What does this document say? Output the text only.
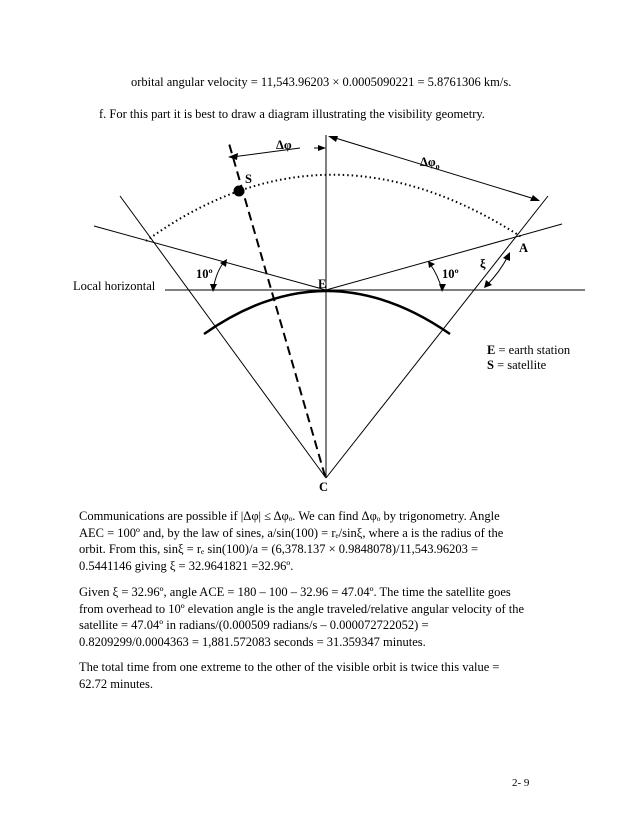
orbital angular velocity = 11,543.96203 × 0.0005090221 = 5.8761306 km/s.
f. For this part it is best to draw a diagram illustrating the visibility geometry.
Δφ
$\Delta\varphi_o$
S
A
ξ
E
C
10º	10º
Local horizontal
E = earth station
S = satellite
Communications are possible if |Δφ| ≤ Δφₒ. We can find Δφₒ by trigonometry. Angle
AEC = 100º and, by the law of sines, a/sin(100) = rₑ/sinξ, where a is the radius of the
orbit. From this, sinξ = rₑ sin(100)/a = (6,378.137 × 0.9848078)/11,543.96203 =
0.5441146 giving ξ = 32.9641821 =32.96º.
Given ξ = 32.96º, angle ACE = 180 – 100 – 32.96 = 47.04º. The time the satellite goes
from overhead to 10º elevation angle is the angle traveled/relative angular velocity of the
satellite = 47.04º in radians/(0.000509 radians/s – 0.000072722052) =
0.8209299/0.0004363 = 1,881.572083 seconds = 31.359347 minutes.
The total time from one extreme to the other of the visible orbit is twice this value =
62.72 minutes.
2- 9
